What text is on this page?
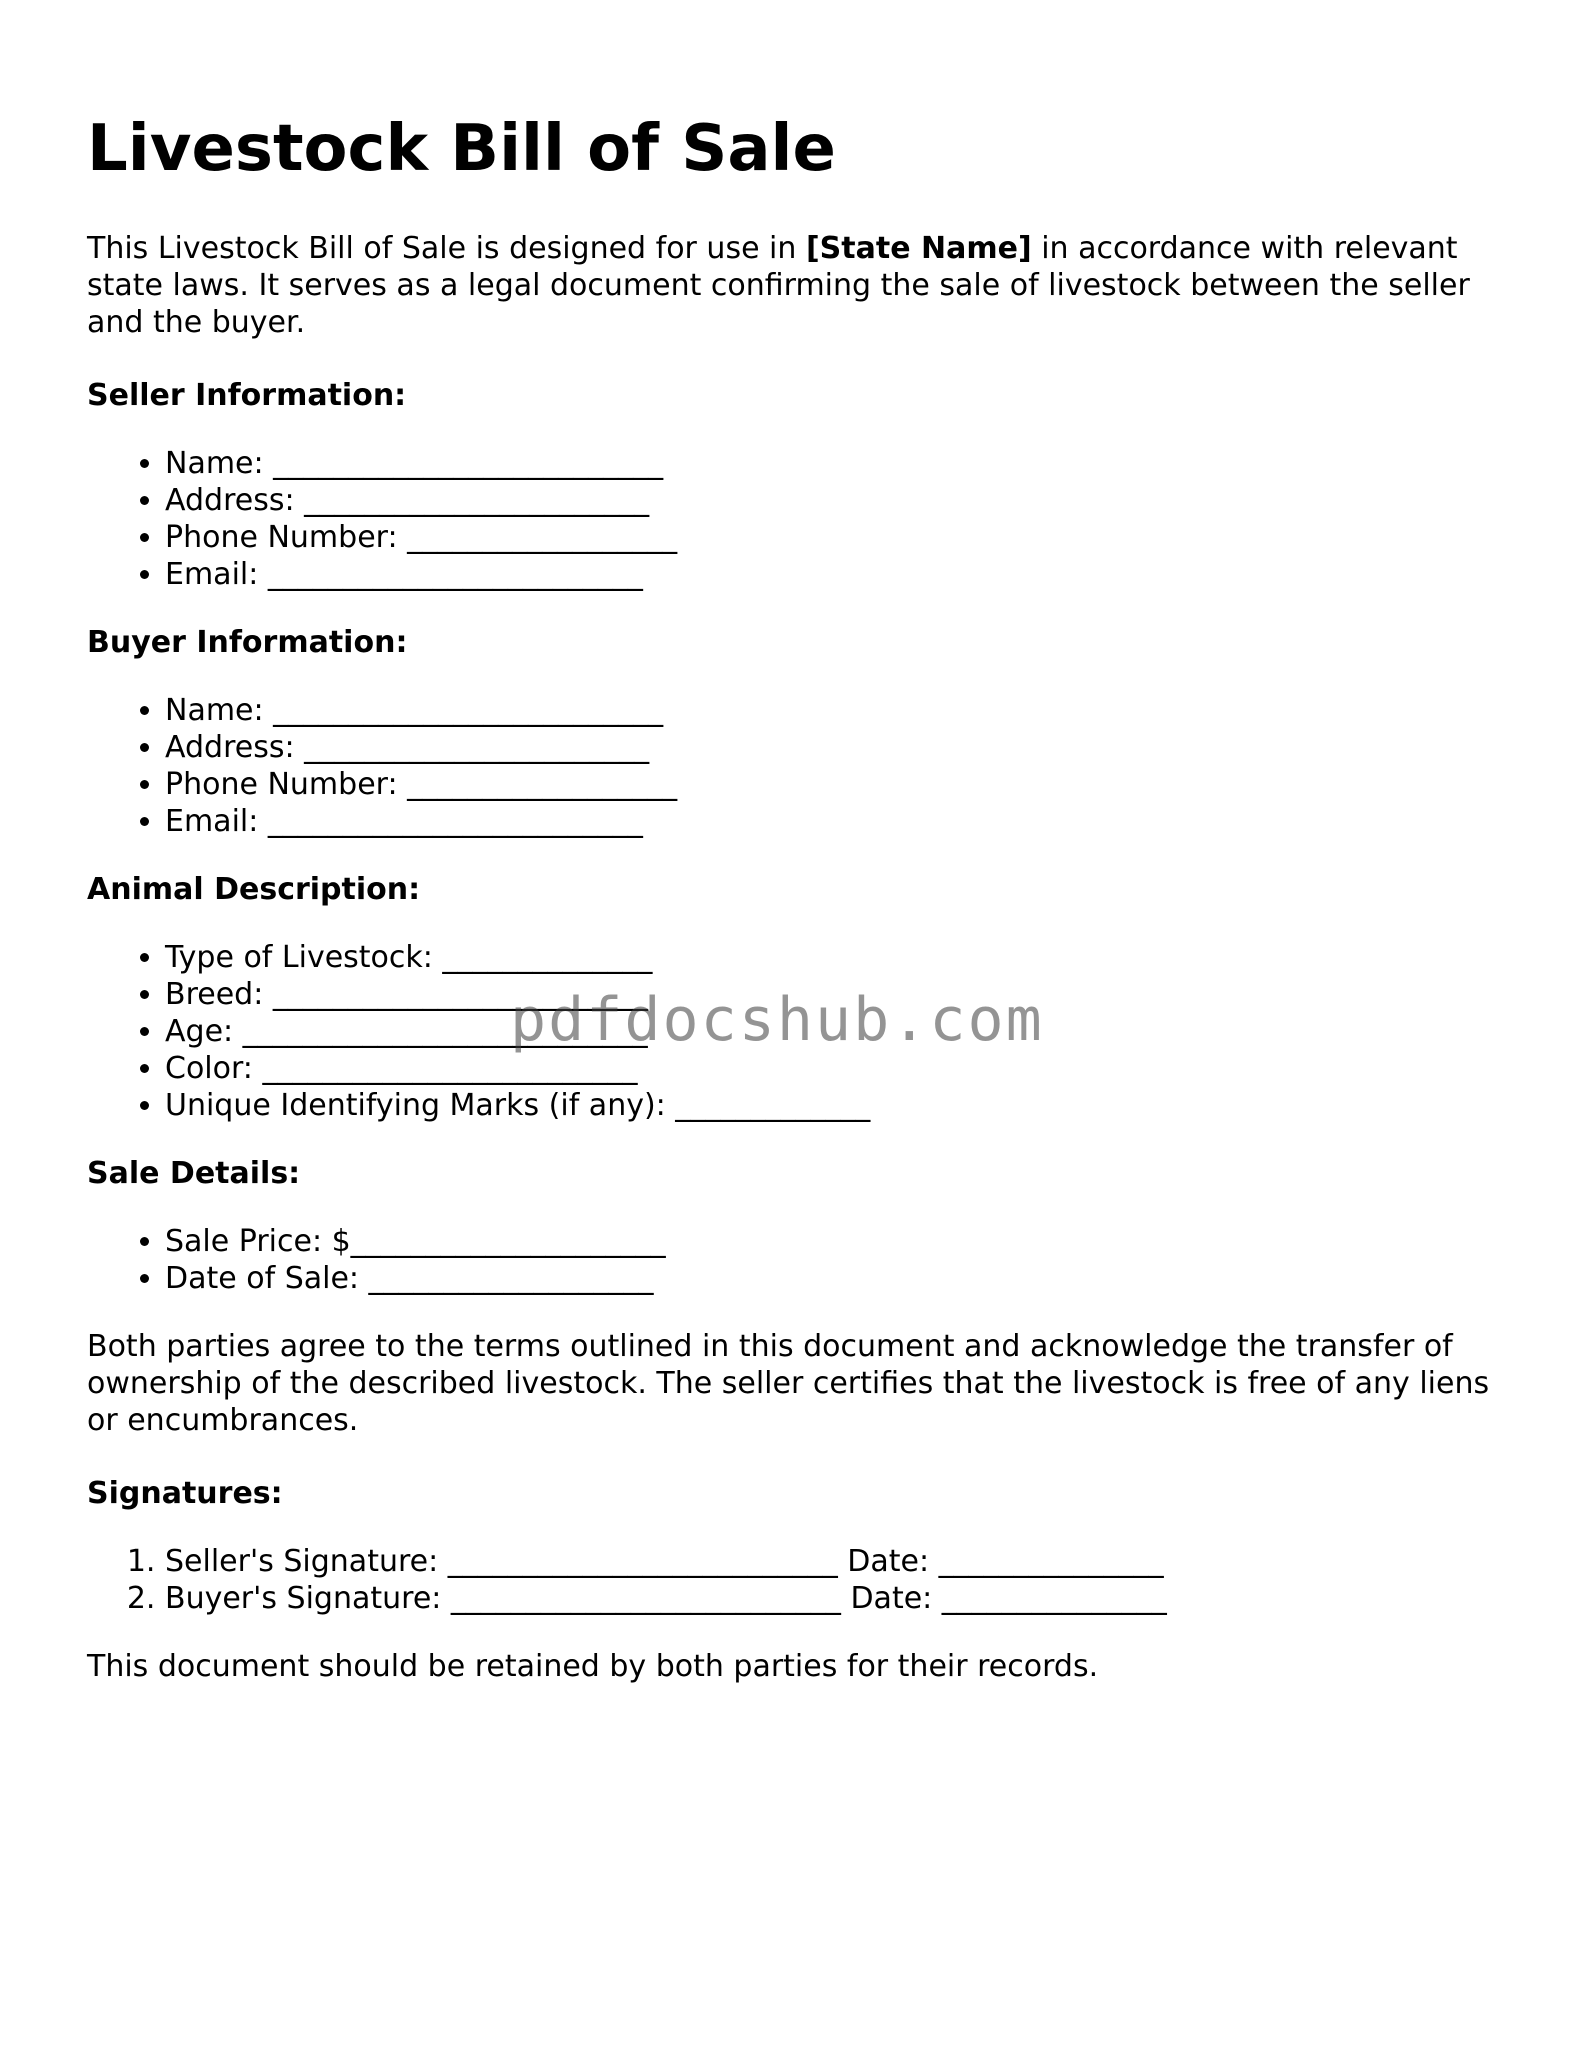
Livestock Bill of Sale

This Livestock Bill of Sale is designed for use in [State Name] in accordance with relevant state laws. It serves as a legal document confirming the sale of livestock between the seller and the buyer.

Seller Information:
• Name: __________________________
• Address: _______________________
• Phone Number: __________________
• Email: _________________________
Buyer Information:
• Name: __________________________
• Address: _______________________
• Phone Number: __________________
• Email: _________________________
Animal Description:
• Type of Livestock: ______________
• Breed: _________________________
• Age: ___________________________
• Color: _________________________
• Unique Identifying Marks (if any): _____________
Sale Details:
• Sale Price: $_____________________
• Date of Sale: ___________________

Both parties agree to the terms outlined in this document and acknowledge the transfer of ownership of the described livestock. The seller certifies that the livestock is free of any liens or encumbrances.

Signatures:
1. Seller's Signature: __________________________ Date: _______________
2. Buyer's Signature: __________________________ Date: _______________

This document should be retained by both parties for their records.

pdfdocshub.com
